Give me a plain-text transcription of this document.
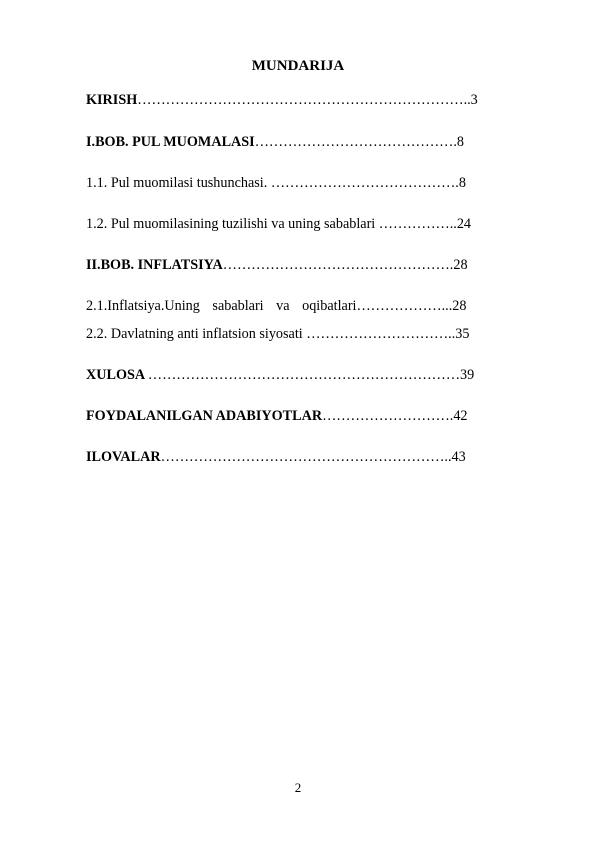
MUNDARIJA
KIRISH……………………………………………………………..3
I.BOB. PUL MUOMALASI…………………………………….8
1.1. Pul muomilasi tushunchasi. ………………………………….8
1.2. Pul muomilasining tuzilishi va uning sabablari ……………..24
II.BOB. INFLATSIYA………………………………………….28
2.1.Inflatsiya.Uning sabablari va oqibatlari………………...28
2.2. Davlatning anti inflatsion siyosati …………………………..35
XULOSA …………………………………………………………39
FOYDALANILGAN ADABIYOTLAR……………………….42
ILOVALAR……………………………………………………..43
2
